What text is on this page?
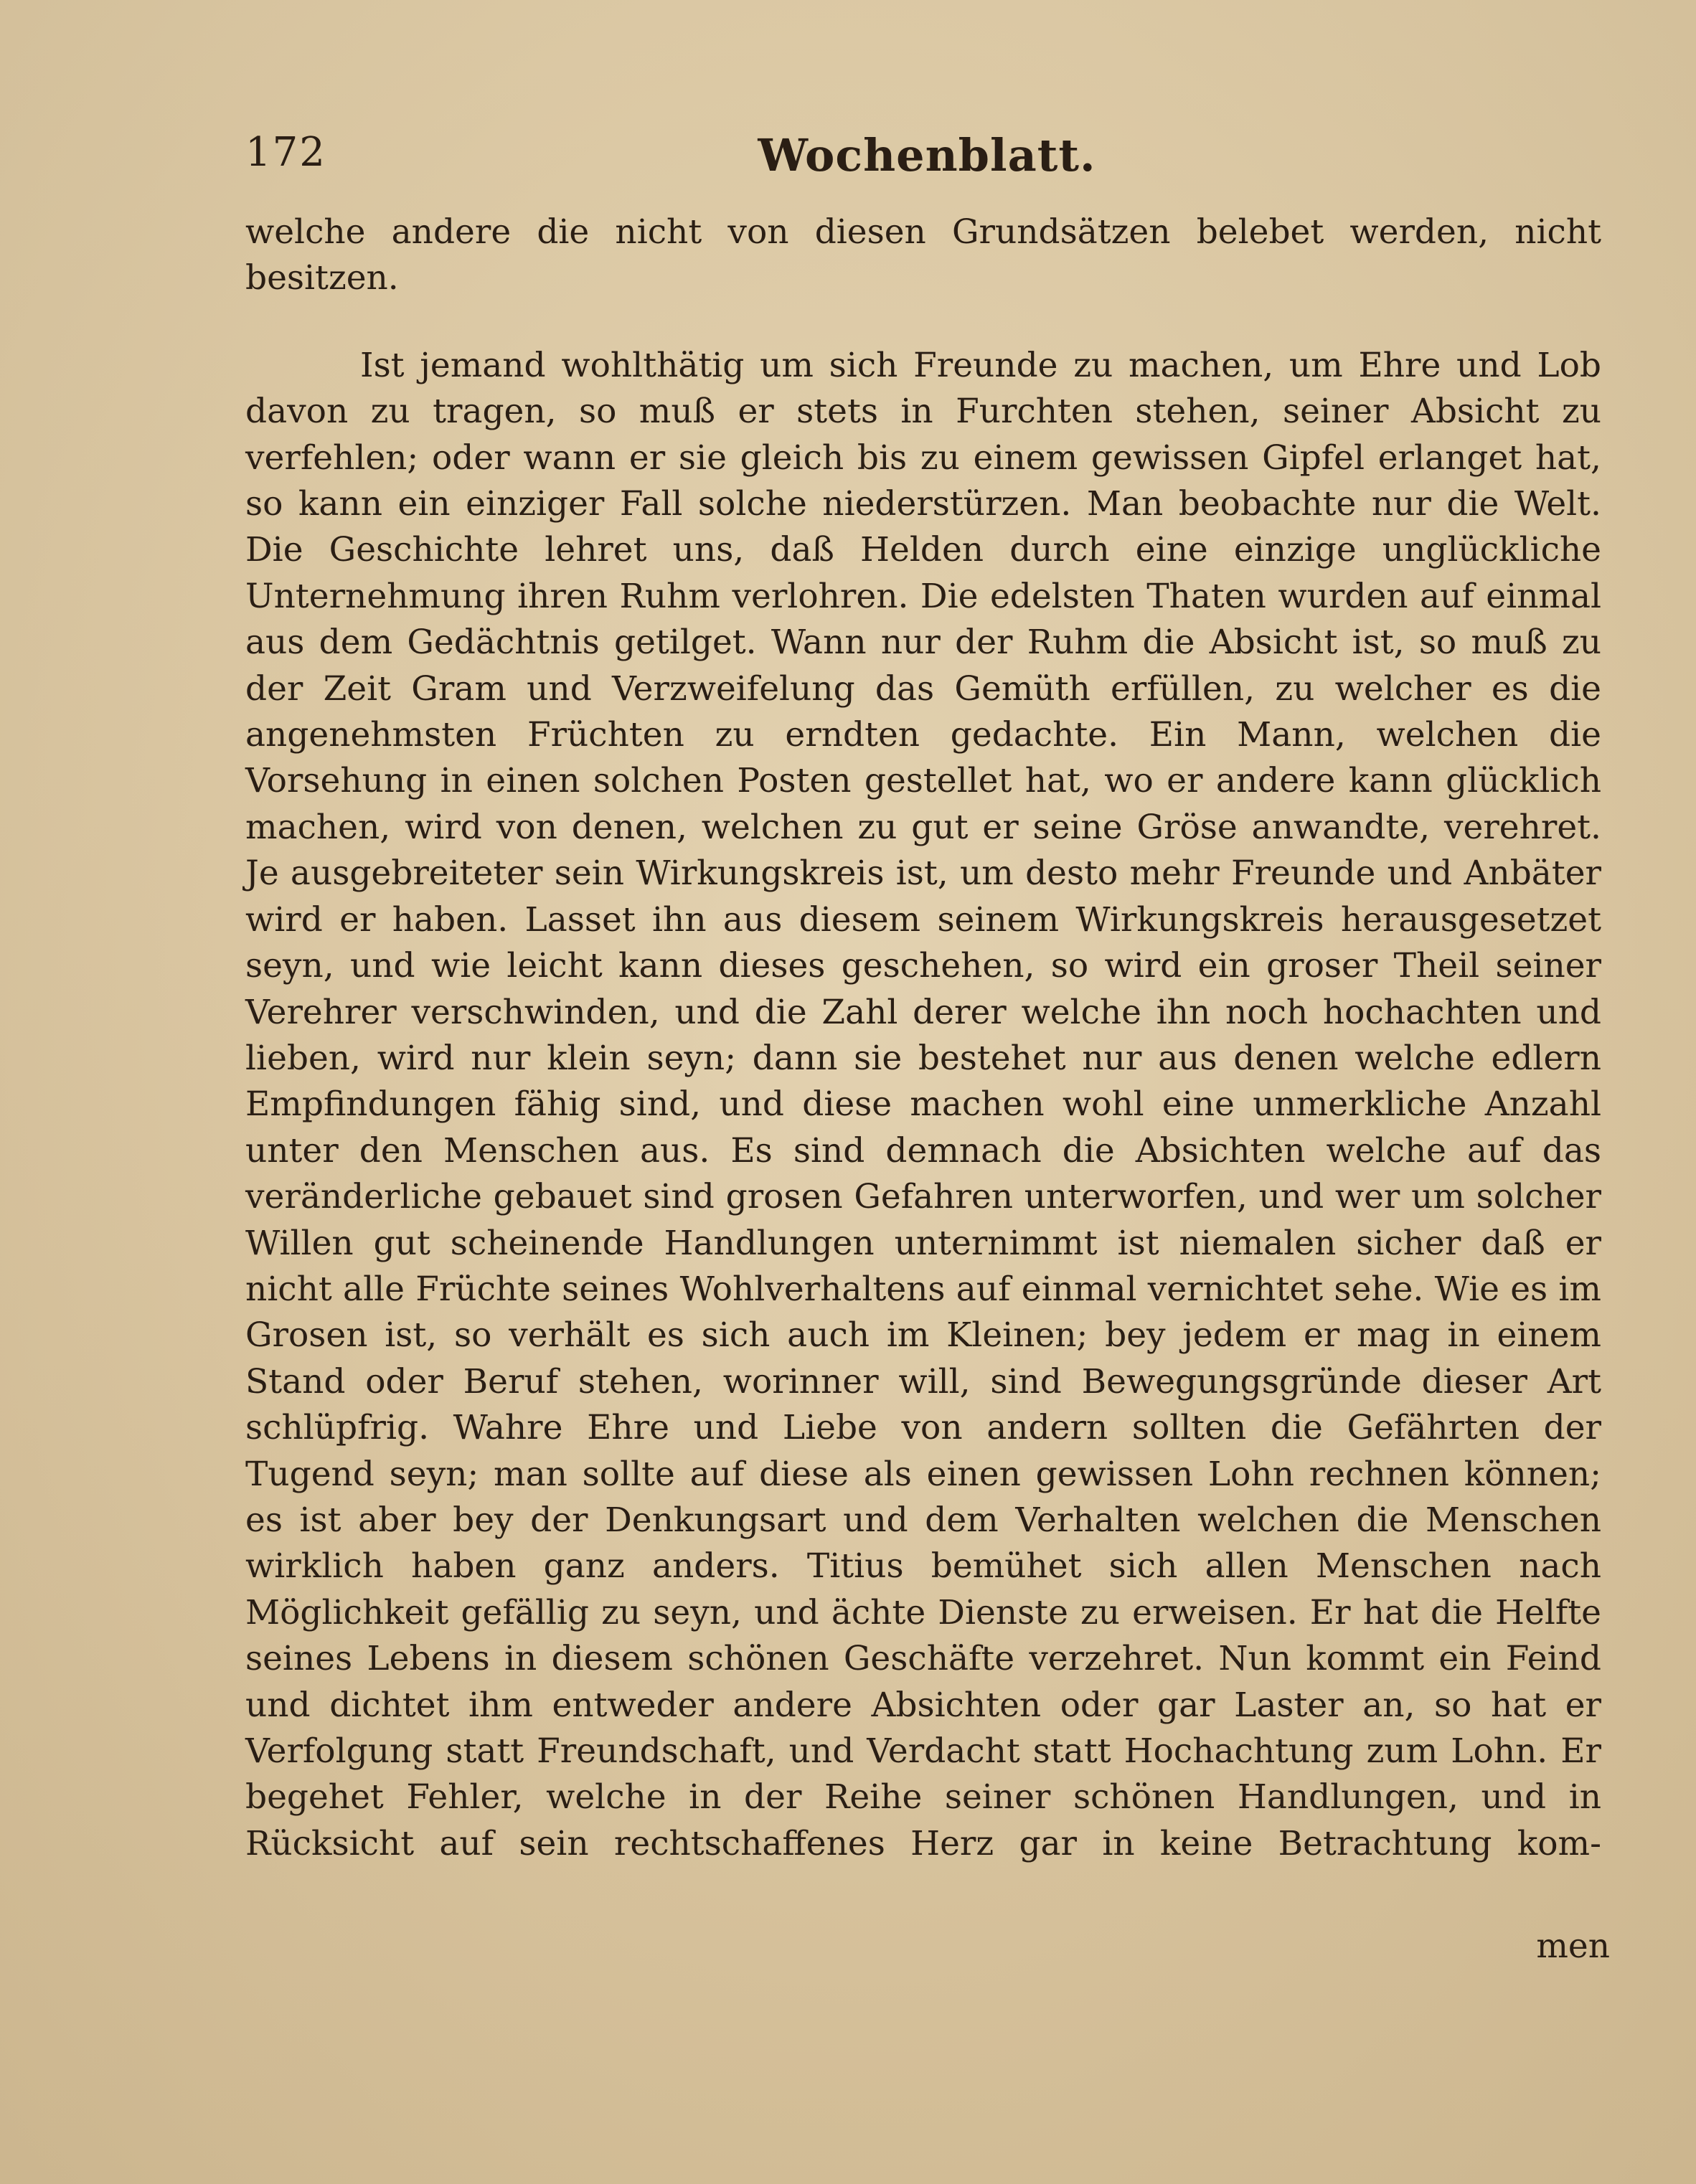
172	Wochenblatt.

welche andere die nicht von diesen Grundsätzen belebet werden, nicht besitzen.

Ist jemand wohlthätig um sich Freunde zu machen, um Ehre und Lob davon zu tragen, so muß er stets in Furchten stehen, seiner Absicht zu verfehlen; oder wann er sie gleich bis zu einem gewissen Gipfel erlanget hat, so kann ein einziger Fall solche niederstürzen. Man beobachte nur die Welt. Die Geschichte lehret uns, daß Helden durch eine einzige unglückliche Unternehmung ihren Ruhm verlohren. Die edelsten Thaten wurden auf einmal aus dem Gedächtnis getilget. Wann nur der Ruhm die Absicht ist, so muß zu der Zeit Gram und Verzweifelung das Gemüth erfüllen, zu welcher es die angenehmsten Früchten zu erndten gedachte. Ein Mann, welchen die Vorsehung in einen solchen Posten gestellet hat, wo er andere kann glücklich machen, wird von denen, welchen zu gut er seine Gröse anwandte, verehret. Je ausgebreiteter sein Wirkungskreis ist, um desto mehr Freunde und Anbäter wird er haben. Lasset ihn aus diesem seinem Wirkungskreis herausgesetzet seyn, und wie leicht kann dieses geschehen, so wird ein groser Theil seiner Verehrer verschwinden, und die Zahl derer welche ihn noch hochachten und lieben, wird nur klein seyn; dann sie bestehet nur aus denen welche edlern Empfindungen fähig sind, und diese machen wohl eine unmerkliche Anzahl unter den Menschen aus. Es sind demnach die Absichten welche auf das veränderliche gebauet sind grosen Gefahren unterworfen, und wer um solcher Willen gut scheinende Handlungen unternimmt ist niemalen sicher daß er nicht alle Früchte seines Wohlverhaltens auf einmal vernichtet sehe. Wie es im Grosen ist, so verhält es sich auch im Kleinen; bey jedem er mag in einem Stand oder Beruf stehen, worinner will, sind Bewegungsgründe dieser Art schlüpfrig. Wahre Ehre und Liebe von andern sollten die Gefährten der Tugend seyn; man sollte auf diese als einen gewissen Lohn rechnen können; es ist aber bey der Denkungsart und dem Verhalten welchen die Menschen wirklich haben ganz anders. Titius bemühet sich allen Menschen nach Möglichkeit gefällig zu seyn, und ächte Dienste zu erweisen. Er hat die Helfte seines Lebens in diesem schönen Geschäfte verzehret. Nun kommt ein Feind und dichtet ihm entweder andere Absichten oder gar Laster an, so hat er Verfolgung statt Freundschaft, und Verdacht statt Hochachtung zum Lohn. Er begehet Fehler, welche in der Reihe seiner schönen Handlungen, und in Rücksicht auf sein rechtschaffenes Herz gar in keine Betrachtung kom-

men
